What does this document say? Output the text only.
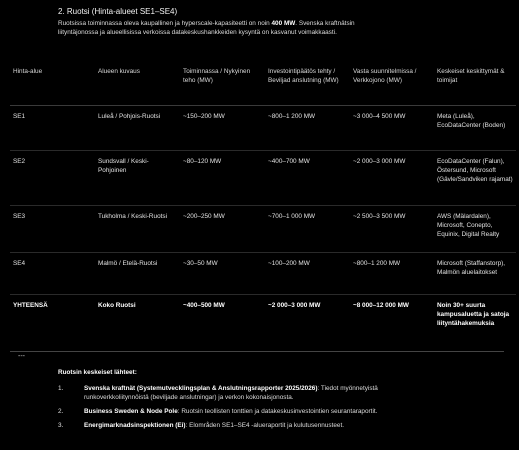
2. Ruotsi (Hinta-alueet SE1–SE4)

Ruotsissa toiminnassa oleva kaupallinen ja hyperscale-kapasiteetti on noin 400 MW. Svenska kraftnätsin liityntäjonossa ja alueellisissa verkoissa datakeskushankkeiden kysyntä on kasvanut voimakkaasti.

Hinta-alue	Alueen kuvaus	Toiminnassa / Nykyinen teho (MW)	Investointipäätös tehty / Beviljad anslutning (MW)	Vasta suunnitelmissa / Verkkojono (MW)	Keskeiset keskittymät & toimijat
SE1	Luleå / Pohjois-Ruotsi	~150–200 MW	~800–1 200 MW	~3 000–4 500 MW	Meta (Luleå), EcoDataCenter (Boden)
SE2	Sundsvall / Keski-Pohjoinen	~80–120 MW	~400–700 MW	~2 000–3 000 MW	EcoDataCenter (Falun), Östersund, Microsoft (Gävle/Sandviken rajamat)
SE3	Tukholma / Keski-Ruotsi	~200–250 MW	~700–1 000 MW	~2 500–3 500 MW	AWS (Mälardalen), Microsoft, Conepto, Equinix, Digital Realty
SE4	Malmö / Etelä-Ruotsi	~30–50 MW	~100–200 MW	~800–1 200 MW	Microsoft (Staffanstorp), Malmön aluelaitokset
YHTEENSÄ	Koko Ruotsi	~400–500 MW	~2 000–3 000 MW	~8 000–12 000 MW	Noin 30+ suurta kampusaluetta ja satoja liityntähakemuksia
---
Ruotsin keskeiset lähteet:
1.	Svenska kraftnät (Systemutvecklingsplan & Anslutningsrapporter 2025/2026): Tiedot myönnetyistä runkoverkkoliitynnöistä (beviljade anslutningar) ja verkon kokonaisjonosta.
2.	Business Sweden & Node Pole: Ruotsin teollisten tonttien ja datakeskusinvestointien seurantaraportit.
3.	Energimarknadsinspektionen (Ei): Elområden SE1–SE4 -alueraportit ja kulutusennusteet.
